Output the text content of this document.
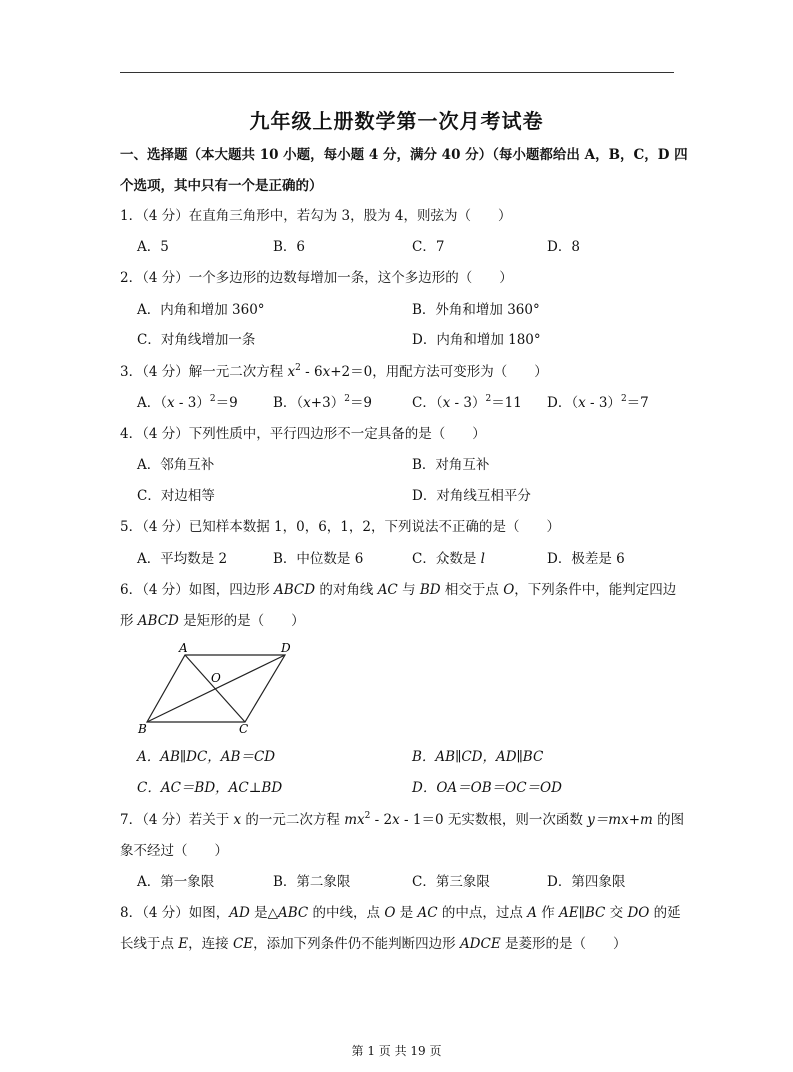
九年级上册数学第一次月考试卷
一、选择题（本大题共 10 小题，每小题 4 分，满分 40 分）（每小题都给出 A，B，C，D 四
个选项，其中只有一个是正确的）
1．（4 分）在直角三角形中，若勾为 3，股为 4，则弦为（　　）
A．5	B．6	C．7	D．8
2．（4 分）一个多边形的边数每增加一条，这个多边形的（　　）
A．内角和增加 360°	B．外角和增加 360°
C．对角线增加一条	D．内角和增加 180°
3．（4 分）解一元二次方程 $x^2 - 6x+2=0$，用配方法可变形为（　　）
A．（x - 3）$^2$＝9	B．$(x+3)^2=9$	C．（x - 3）$^2$＝11 D．（x - 3）$^2$＝7
4．（4 分）下列性质中，平行四边形不一定具备的是（　　）
A．邻角互补	B．对角互补
C．对边相等	D．对角线互相平分
5．（4 分）已知样本数据 1，0，6，1，2，下列说法不正确的是（　　）
A．平均数是 2	B．中位数是 6	C．众数是 l	D．极差是 6
6．（4 分）如图，四边形 ABCD 的对角线 AC 与 BD 相交于点 O，下列条件中，能判定四边
形 ABCD 是矩形的是（　　）
A	D
O
B	C
A．AB∥DC，AB＝CD	B．AB∥CD，AD∥BC
C．AC＝BD，AC⊥BD	D．OA＝OB＝OC＝OD
7．（4 分）若关于 x 的一元二次方程 $mx^2 - 2x - 1=0$ 无实数根，则一次函数 y＝mx+m 的图
象不经过（　　）
A．第一象限	B．第二象限	C．第三象限	D．第四象限
8．（4 分）如图，AD 是△ABC 的中线，点 O 是 AC 的中点，过点 A 作 AE∥BC 交 DO 的延
长线于点 E，连接 CE，添加下列条件仍不能判断四边形 ADCE 是菱形的是（　　）
第 1 页 共 19 页
